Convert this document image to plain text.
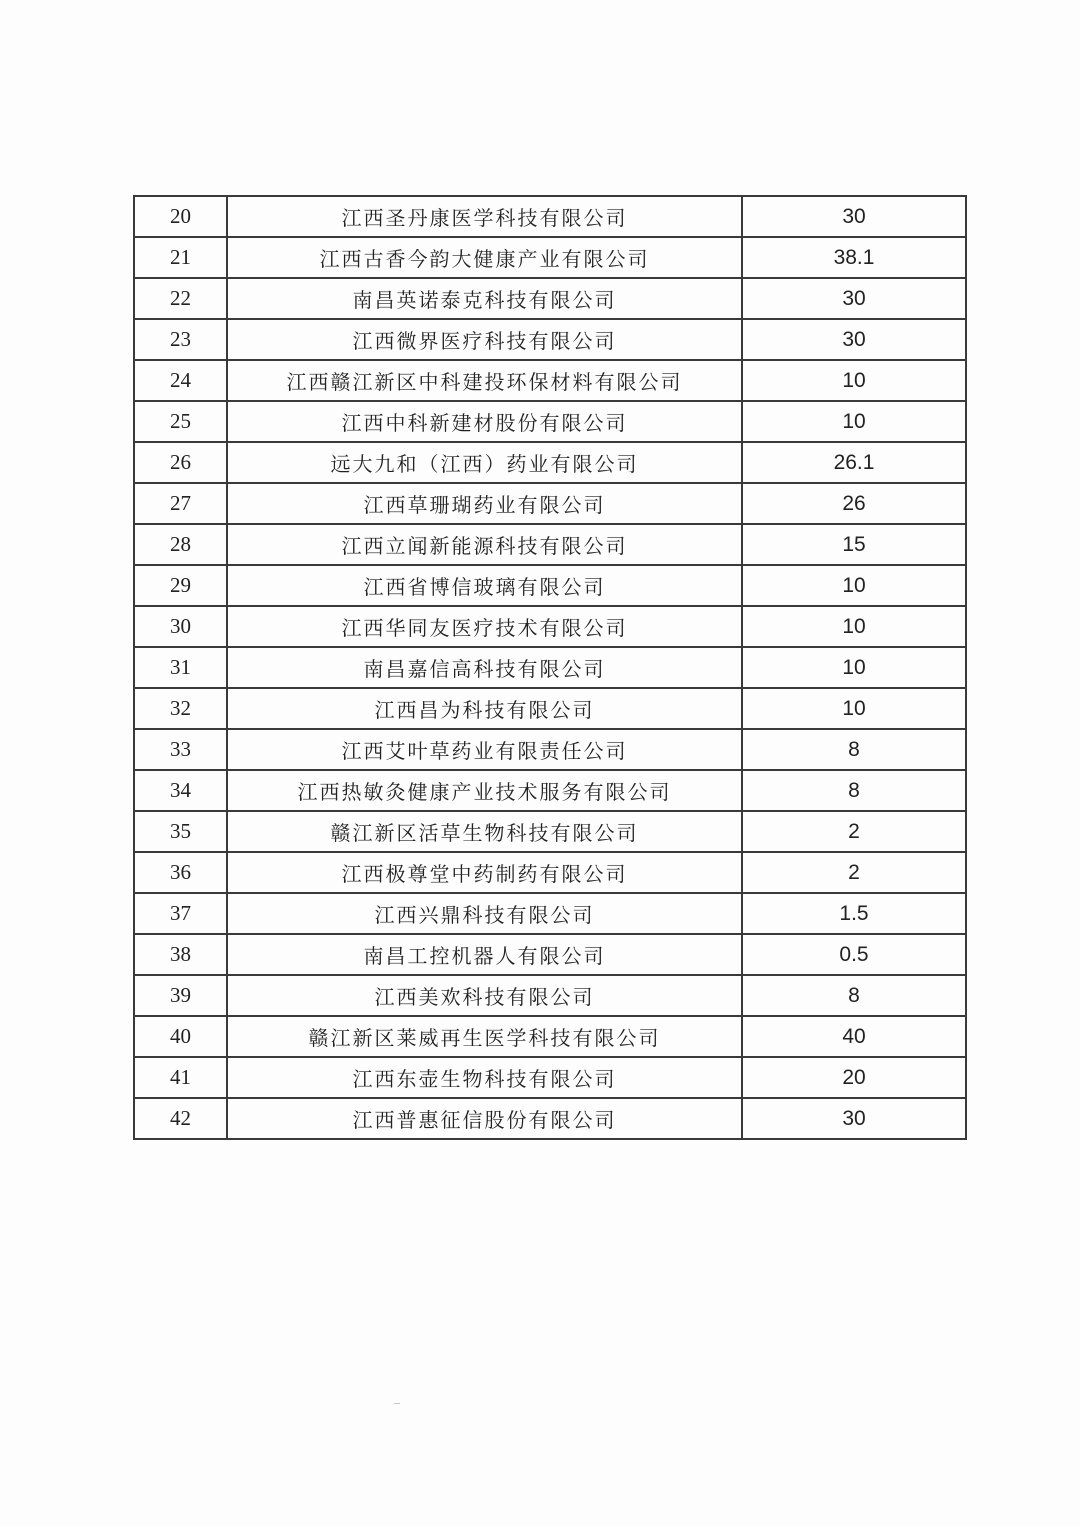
20	江西圣丹康医学科技有限公司	30
21	江西古香今韵大健康产业有限公司	38.1
22	南昌英诺泰克科技有限公司	30
23	江西微界医疗科技有限公司	30
24	江西赣江新区中科建投环保材料有限公司	10
25	江西中科新建材股份有限公司	10
26	远大九和（江西）药业有限公司	26.1
27	江西草珊瑚药业有限公司	26
28	江西立闻新能源科技有限公司	15
29	江西省博信玻璃有限公司	10
30	江西华同友医疗技术有限公司	10
31	南昌嘉信高科技有限公司	10
32	江西昌为科技有限公司	10
33	江西艾叶草药业有限责任公司	8
34	江西热敏灸健康产业技术服务有限公司	8
35	赣江新区活草生物科技有限公司	2
36	江西极尊堂中药制药有限公司	2
37	江西兴鼎科技有限公司	1.5
38	南昌工控机器人有限公司	0.5
39	江西美欢科技有限公司	8
40	赣江新区莱威再生医学科技有限公司	40
41	江西东壶生物科技有限公司	20
42	江西普惠征信股份有限公司	30
